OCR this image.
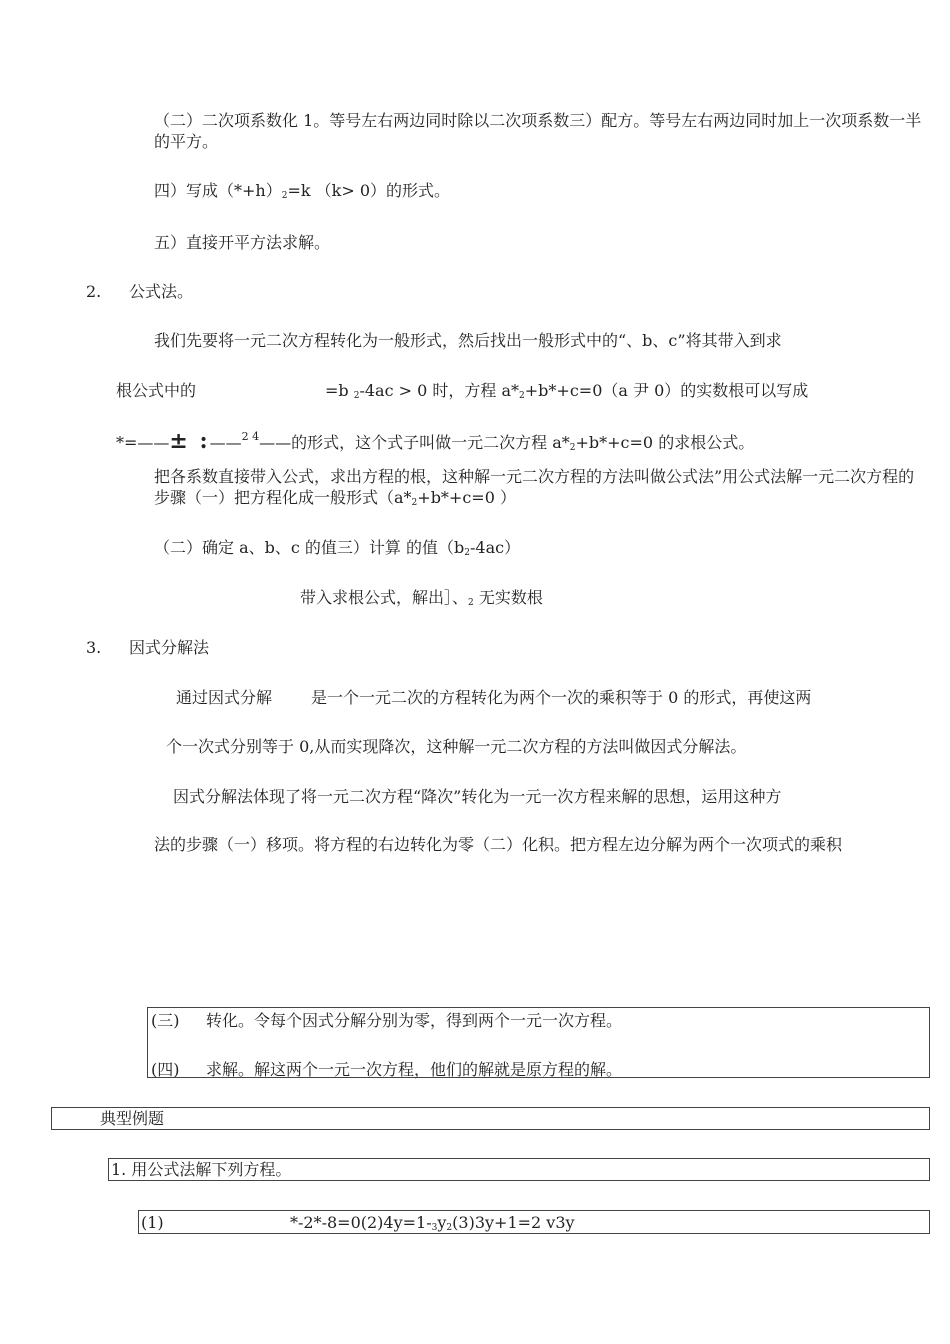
（二）二次项系数化 1。等号左右两边同时除以二次项系数三）配方。等号左右两边同时加上一次项系数一半的平方。
四）写成$(*+h)_2=k$ （k> 0）的形式。
五）直接开平方法求解。
2. 公式法。
我们先要将一元二次方程转化为一般形式，然后找出一般形式中的“、b、c”将其带入到求
根公式中的	=b $_2$-4ac > 0 时，方程 $a*_2+b*+c=0(a$ 尹 0）的实数根可以写成
*=——± :——$^{2 4}$——的形式，这个式子叫做一元二次方程 $a*_2+b*+c=0$ 的求根公式。
把各系数直接带入公式，求出方程的根，这种解一元二次方程的方法叫做公式法”用公式法解一元二次方程的步骤（一）把方程化成一般形式（$a*_2+b*+c=0$ ）
（二）确定 a、b、c 的值三）计算 的值$(b_2-4ac)$
带入求根公式，解出］、$_2$ 无实数根
3. 因式分解法
通过因式分解 是一个一元二次的方程转化为两个一次的乘积等于 0 的形式，再使这两
个一次式分别等于 0,从而实现降次，这种解一元二次方程的方法叫做因式分解法。
因式分解法体现了将一元二次方程“降次”转化为一元一次方程来解的思想，运用这种方
法的步骤（一）移项。将方程的右边转化为零（二）化积。把方程左边分解为两个一次项式的乘积
(三) 转化。令每个因式分解分别为零，得到两个一元一次方程。
(四) 求解。解这两个一元一次方程，他们的解就是原方程的解。
典型例题
1. 用公式法解下列方程。
(1)	$*-2*-8=0(2)4y=1-_3y_2(3)3y+1=2$ v3y
